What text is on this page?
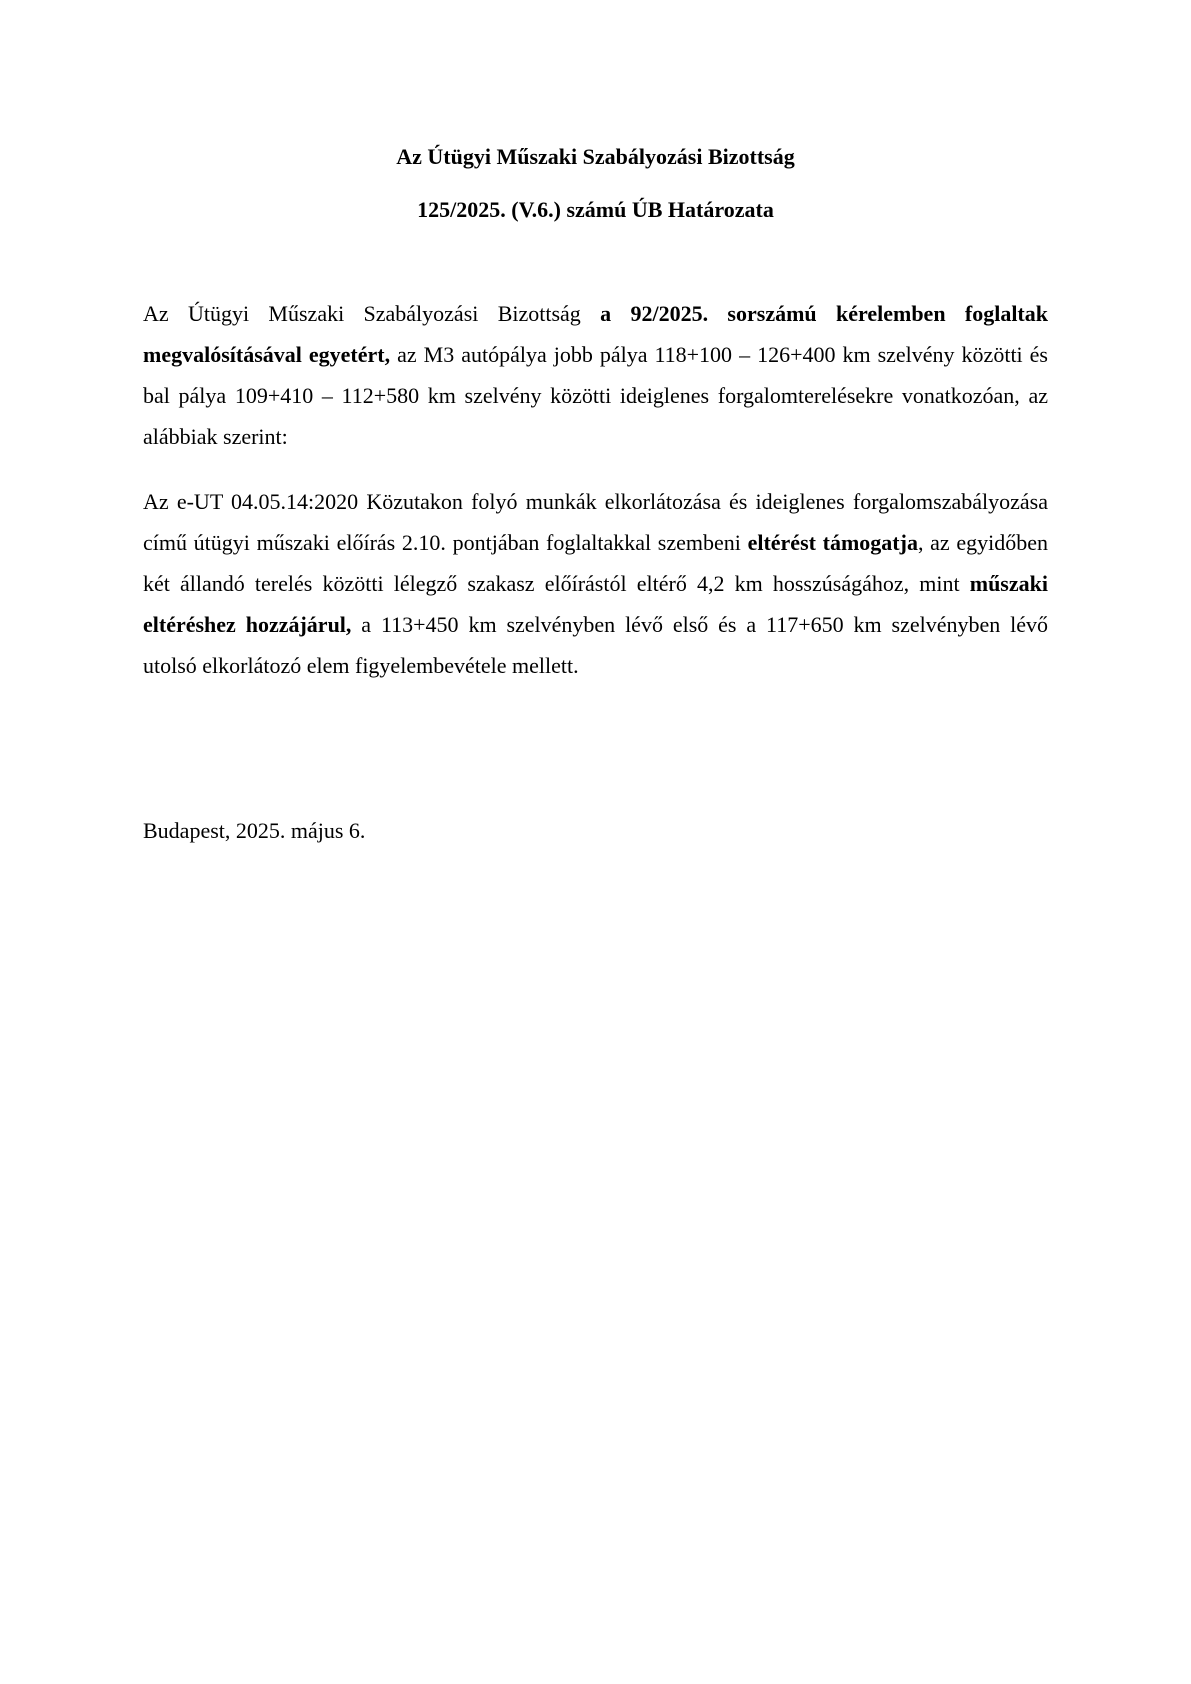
Az Útügyi Műszaki Szabályozási Bizottság
125/2025. (V.6.) számú ÚB Határozata

Az Útügyi Műszaki Szabályozási Bizottság a 92/2025. sorszámú kérelemben foglaltak megvalósításával egyetért, az M3 autópálya jobb pálya 118+100 – 126+400 km szelvény közötti és bal pálya 109+410 – 112+580 km szelvény közötti ideiglenes forgalomterelésekre vonatkozóan, az alábbiak szerint:

Az e-UT 04.05.14:2020 Közutakon folyó munkák elkorlátozása és ideiglenes forgalomszabályozása című útügyi műszaki előírás 2.10. pontjában foglaltakkal szembeni eltérést támogatja, az egyidőben két állandó terelés közötti lélegző szakasz előírástól eltérő 4,2 km hosszúságához, mint műszaki eltéréshez hozzájárul, a 113+450 km szelvényben lévő első és a 117+650 km szelvényben lévő utolsó elkorlátozó elem figyelembevétele mellett.

Budapest, 2025. május 6.
